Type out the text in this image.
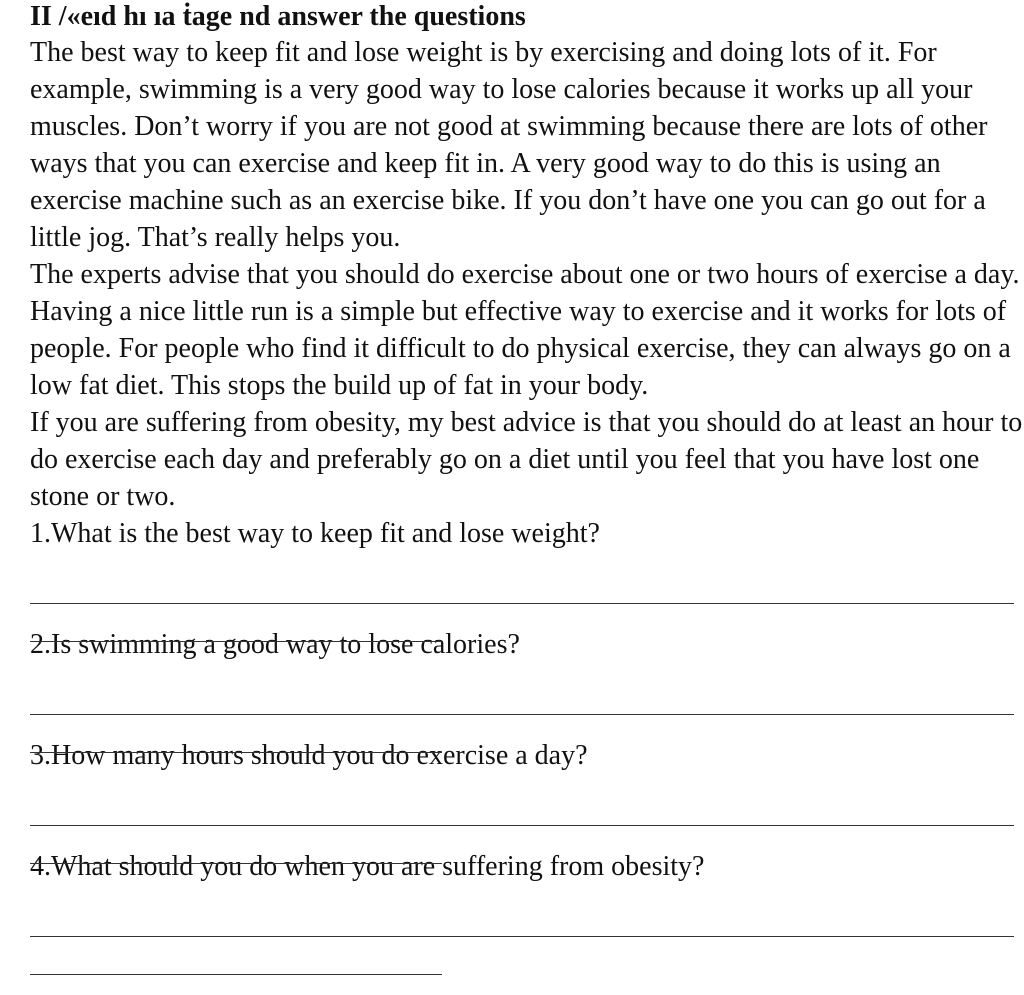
II /«eıd hı ıa ṫage nd answer the questions

The best way to keep fit and lose weight is by exercising and doing lots of it. For example, swimming is a very good way to lose calories because it works up all your muscles. Don’t worry if you are not good at swimming because there are lots of other ways that you can exercise and keep fit in. A very good way to do this is using an exercise machine such as an exercise bike. If you don’t have one you can go out for a little jog. That’s really helps you.

The experts advise that you should do exercise about one or two hours of exercise a day. Having a nice little run is a simple but effective way to exercise and it works for lots of people. For people who find it difficult to do physical exercise, they can always go on a low fat diet. This stops the build up of fat in your body.

If you are suffering from obesity, my best advice is that you should do at least an hour to do exercise each day and preferably go on a diet until you feel that you have lost one stone or two.

1.What is the best way to keep fit and lose weight?
2.Is swimming a good way to lose calories?
3.How many hours should you do exercise a day?
4.What should you do when you are suffering from obesity?
